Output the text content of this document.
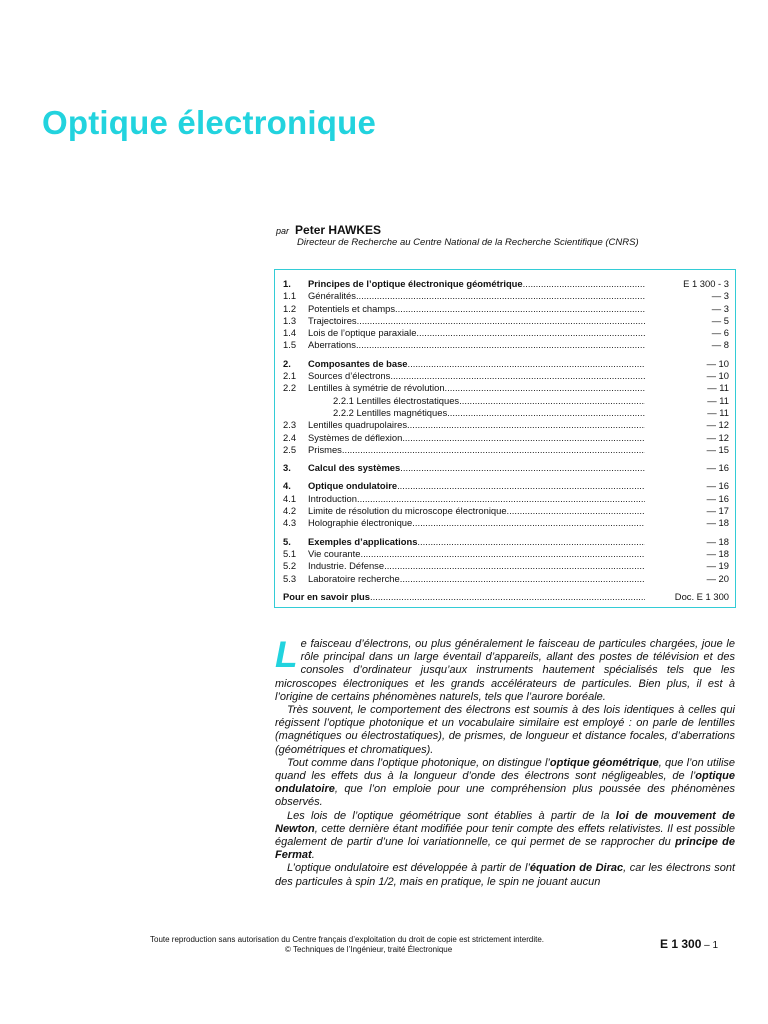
Optique électronique
par Peter HAWKES
Directeur de Recherche au Centre National de la Recherche Scientifique (CNRS)
1.	Principes de l’optique électronique géométrique .....	E 1 300 - 3
1.1	Généralités .....	— 3
1.2	Potentiels et champs .....	— 3
1.3	Trajectoires .....	— 5
1.4	Lois de l’optique paraxiale .....	— 6
1.5	Aberrations .....	— 8
2.	Composantes de base .....	— 10
2.1	Sources d’électrons .....	— 10
2.2	Lentilles à symétrie de révolution .....	— 11
2.2.1 Lentilles électrostatiques .....	— 11
2.2.2 Lentilles magnétiques .....	— 11
2.3	Lentilles quadrupolaires .....	— 12
2.4	Systèmes de déflexion .....	— 12
2.5	Prismes .....	— 15
3.	Calcul des systèmes .....	— 16
4.	Optique ondulatoire .....	— 16
4.1	Introduction .....	— 16
4.2	Limite de résolution du microscope électronique .....	— 17
4.3	Holographie électronique .....	— 18
5.	Exemples d’applications .....	— 18
5.1	Vie courante .....	— 18
5.2	Industrie. Défense .....	— 19
5.3	Laboratoire recherche .....	— 20
Pour en savoir plus .....	Doc. E 1 300

Le faisceau d’électrons, ou plus généralement le faisceau de particules chargées, joue le rôle principal dans un large éventail d’appareils, allant des postes de télévision et des consoles d’ordinateur jusqu’aux instruments hautement spécialisés tels que les microscopes électroniques et les grands accélérateurs de particules. Bien plus, il est à l’origine de certains phénomènes naturels, tels que l’aurore boréale.

Très souvent, le comportement des électrons est soumis à des lois identiques à celles qui régissent l’optique photonique et un vocabulaire similaire est employé : on parle de lentilles (magnétiques ou électrostatiques), de prismes, de longueur et distance focales, d’aberrations (géométriques et chromatiques).

Tout comme dans l’optique photonique, on distingue l’optique géométrique, que l’on utilise quand les effets dus à la longueur d’onde des électrons sont négligeables, de l’optique ondulatoire, que l’on emploie pour une compréhension plus poussée des phénomènes observés.

Les lois de l’optique géométrique sont établies à partir de la loi de mouvement de Newton, cette dernière étant modifiée pour tenir compte des effets relativistes. Il est possible également de partir d’une loi variationnelle, ce qui permet de se rapprocher du principe de Fermat.

L’optique ondulatoire est développée à partir de l’équation de Dirac, car les électrons sont des particules à spin 1/2, mais en pratique, le spin ne jouant aucun

Toute reproduction sans autorisation du Centre français d’exploitation du droit de copie est strictement interdite.
© Techniques de l’Ingénieur, traité Électronique	E 1 300 – 1
